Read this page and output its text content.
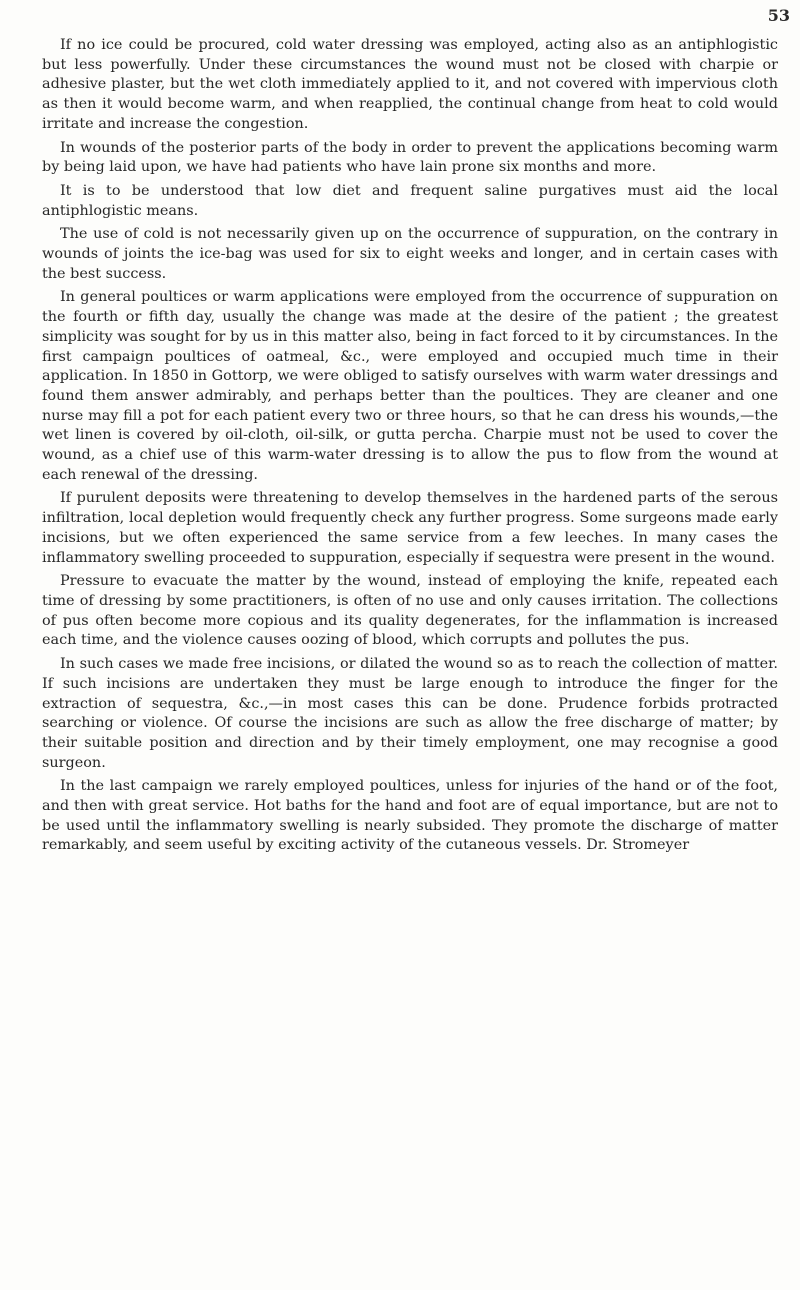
53

If no ice could be procured, cold water dressing was employed, acting also as an antiphlogistic but less powerfully. Under these circumstances the wound must not be closed with charpie or adhesive plaster, but the wet cloth immediately applied to it, and not covered with impervious cloth as then it would become warm, and when reapplied, the continual change from heat to cold would irritate and increase the congestion.

In wounds of the posterior parts of the body in order to prevent the applications becoming warm by being laid upon, we have had patients who have lain prone six months and more.

It is to be understood that low diet and frequent saline purgatives must aid the local antiphlogistic means.

The use of cold is not necessarily given up on the occurrence of suppuration, on the contrary in wounds of joints the ice-bag was used for six to eight weeks and longer, and in certain cases with the best success.

In general poultices or warm applications were employed from the occurrence of suppuration on the fourth or fifth day, usually the change was made at the desire of the patient ; the greatest simplicity was sought for by us in this matter also, being in fact forced to it by circumstances. In the first campaign poultices of oatmeal, &c., were employed and occupied much time in their application. In 1850 in Gottorp, we were obliged to satisfy ourselves with warm water dressings and found them answer admirably, and perhaps better than the poultices. They are cleaner and one nurse may fill a pot for each patient every two or three hours, so that he can dress his wounds,—the wet linen is covered by oil-cloth, oil-silk, or gutta percha. Charpie must not be used to cover the wound, as a chief use of this warm-water dressing is to allow the pus to flow from the wound at each renewal of the dressing.

If purulent deposits were threatening to develop themselves in the hardened parts of the serous infiltration, local depletion would frequently check any further progress. Some surgeons made early incisions, but we often experienced the same service from a few leeches. In many cases the inflammatory swelling proceeded to suppuration, especially if sequestra were present in the wound.

Pressure to evacuate the matter by the wound, instead of employing the knife, repeated each time of dressing by some practitioners, is often of no use and only causes irritation. The collections of pus often become more copious and its quality degenerates, for the inflammation is increased each time, and the violence causes oozing of blood, which corrupts and pollutes the pus.

In such cases we made free incisions, or dilated the wound so as to reach the collection of matter. If such incisions are undertaken they must be large enough to introduce the finger for the extraction of sequestra, &c.,—in most cases this can be done. Prudence forbids protracted searching or violence. Of course the incisions are such as allow the free discharge of matter; by their suitable position and direction and by their timely employment, one may recognise a good surgeon.

In the last campaign we rarely employed poultices, unless for injuries of the hand or of the foot, and then with great service. Hot baths for the hand and foot are of equal importance, but are not to be used until the inflammatory swelling is nearly subsided. They promote the discharge of matter remarkably, and seem useful by exciting activity of the cutaneous vessels. Dr. Stromeyer
